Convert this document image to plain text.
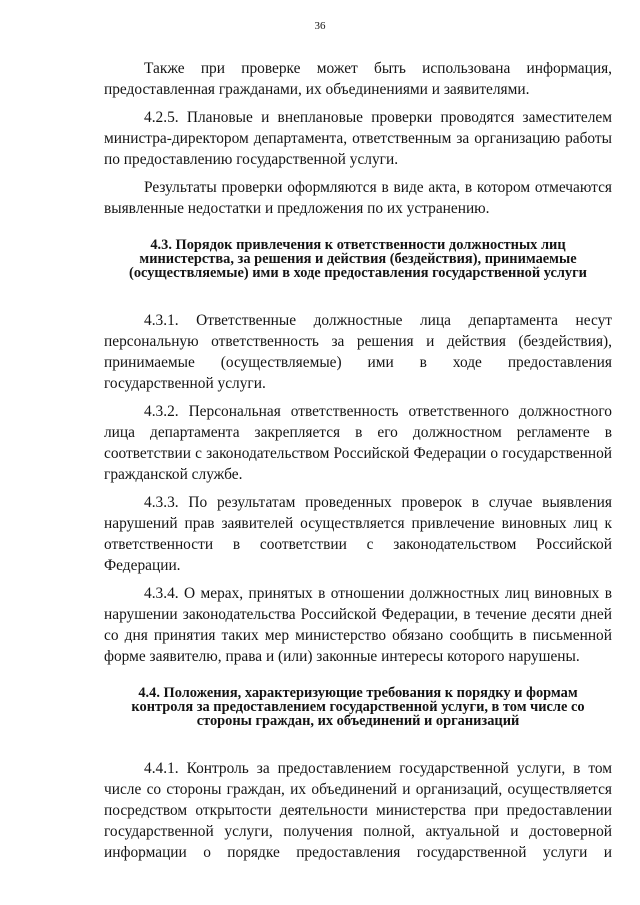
36

Также при проверке может быть использована информация, предоставленная гражданами, их объединениями и заявителями.

4.2.5. Плановые и внеплановые проверки проводятся заместителем министра-директором департамента, ответственным за организацию работы по предоставлению государственной услуги.

Результаты проверки оформляются в виде акта, в котором отмечаются выявленные недостатки и предложения по их устранению.

4.3. Порядок привлечения к ответственности должностных лиц министерства, за решения и действия (бездействия), принимаемые (осуществляемые) ими в ходе предоставления государственной услуги

4.3.1. Ответственные должностные лица департамента несут персональную ответственность за решения и действия (бездействия), принимаемые (осуществляемые) ими в ходе предоставления государственной услуги.

4.3.2. Персональная ответственность ответственного должностного лица департамента закрепляется в его должностном регламенте в соответствии с законодательством Российской Федерации о государственной гражданской службе.

4.3.3. По результатам проведенных проверок в случае выявления нарушений прав заявителей осуществляется привлечение виновных лиц к ответственности в соответствии с законодательством Российской Федерации.

4.3.4. О мерах, принятых в отношении должностных лиц виновных в нарушении законодательства Российской Федерации, в течение десяти дней со дня принятия таких мер министерство обязано сообщить в письменной форме заявителю, права и (или) законные интересы которого нарушены.

4.4. Положения, характеризующие требования к порядку и формам контроля за предоставлением государственной услуги, в том числе со стороны граждан, их объединений и организаций

4.4.1. Контроль за предоставлением государственной услуги, в том числе со стороны граждан, их объединений и организаций, осуществляется посредством открытости деятельности министерства при предоставлении государственной услуги, получения полной, актуальной и достоверной информации о порядке предоставления государственной услуги и
